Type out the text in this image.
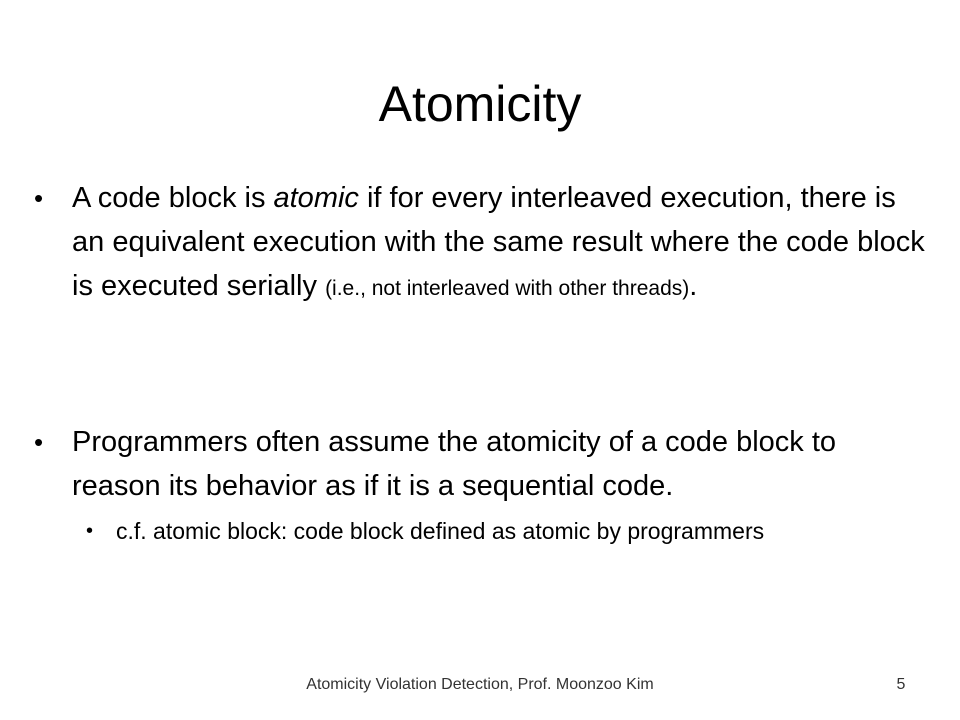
Atomicity
• A code block is atomic if for every interleaved execution, there is an equivalent execution with the same result where the code block is executed serially (i.e., not interleaved with other threads).
• Programmers often assume the atomicity of a code block to reason its behavior as if it is a sequential code.
• c.f. atomic block: code block defined as atomic by programmers
Atomicity Violation Detection, Prof. Moonzoo Kim	5
